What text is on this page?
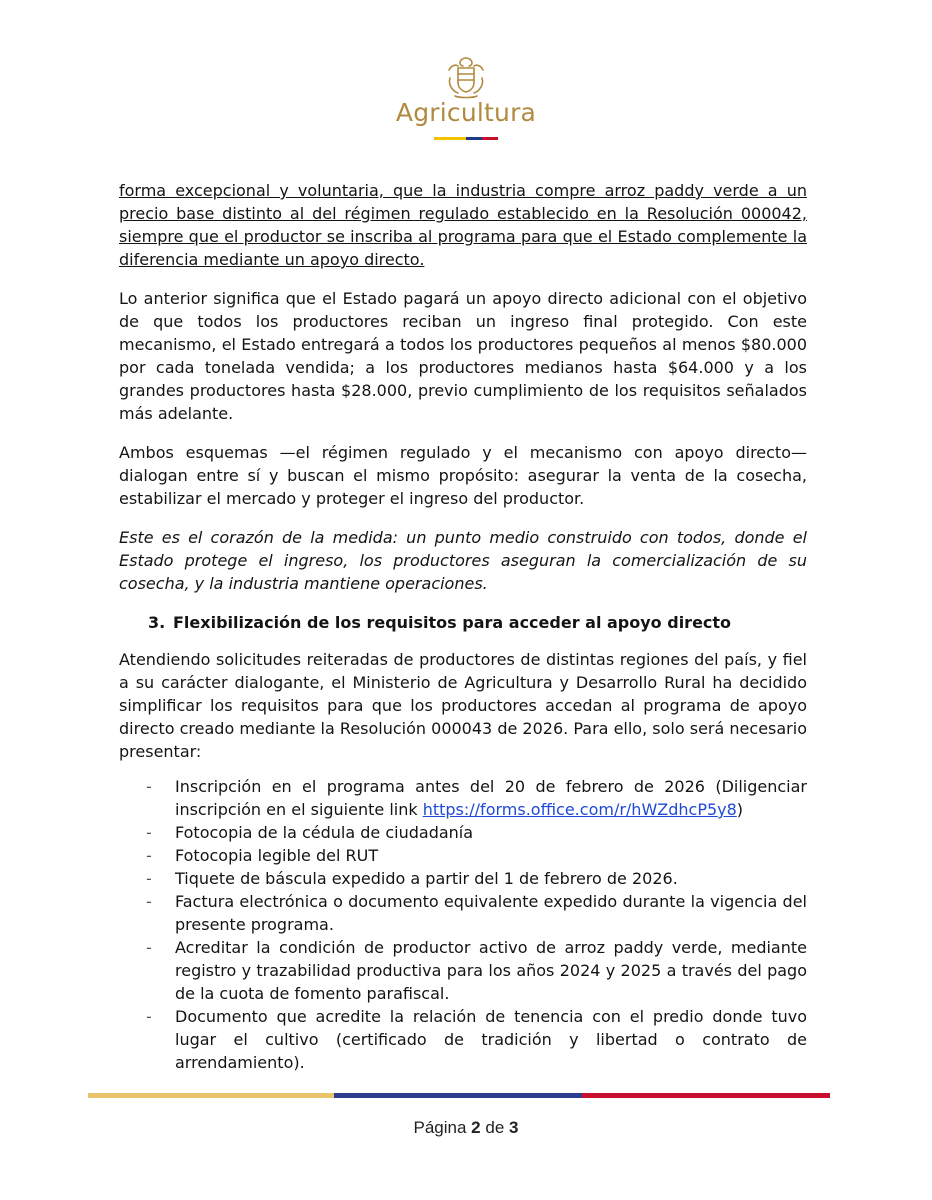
Agricultura

forma excepcional y voluntaria, que la industria compre arroz paddy verde a un precio base distinto al del régimen regulado establecido en la Resolución 000042, siempre que el productor se inscriba al programa para que el Estado complemente la diferencia mediante un apoyo directo.

Lo anterior significa que el Estado pagará un apoyo directo adicional con el objetivo de que todos los productores reciban un ingreso final protegido. Con este mecanismo, el Estado entregará a todos los productores pequeños al menos $80.000 por cada tonelada vendida; a los productores medianos hasta $64.000 y a los grandes productores hasta $28.000, previo cumplimiento de los requisitos señalados más adelante.

Ambos esquemas —el régimen regulado y el mecanismo con apoyo directo— dialogan entre sí y buscan el mismo propósito: asegurar la venta de la cosecha, estabilizar el mercado y proteger el ingreso del productor.

Este es el corazón de la medida: un punto medio construido con todos, donde el Estado protege el ingreso, los productores aseguran la comercialización de su cosecha, y la industria mantiene operaciones.

3. Flexibilización de los requisitos para acceder al apoyo directo

Atendiendo solicitudes reiteradas de productores de distintas regiones del país, y fiel a su carácter dialogante, el Ministerio de Agricultura y Desarrollo Rural ha decidido simplificar los requisitos para que los productores accedan al programa de apoyo directo creado mediante la Resolución 000043 de 2026. Para ello, solo será necesario presentar:

- Inscripción en el programa antes del 20 de febrero de 2026 (Diligenciar inscripción en el siguiente link https://forms.office.com/r/hWZdhcP5y8)
- Fotocopia de la cédula de ciudadanía
- Fotocopia legible del RUT
- Tiquete de báscula expedido a partir del 1 de febrero de 2026.
- Factura electrónica o documento equivalente expedido durante la vigencia del presente programa.
- Acreditar la condición de productor activo de arroz paddy verde, mediante registro y trazabilidad productiva para los años 2024 y 2025 a través del pago de la cuota de fomento parafiscal.
- Documento que acredite la relación de tenencia con el predio donde tuvo lugar el cultivo (certificado de tradición y libertad o contrato de arrendamiento).
Página 2 de 3
